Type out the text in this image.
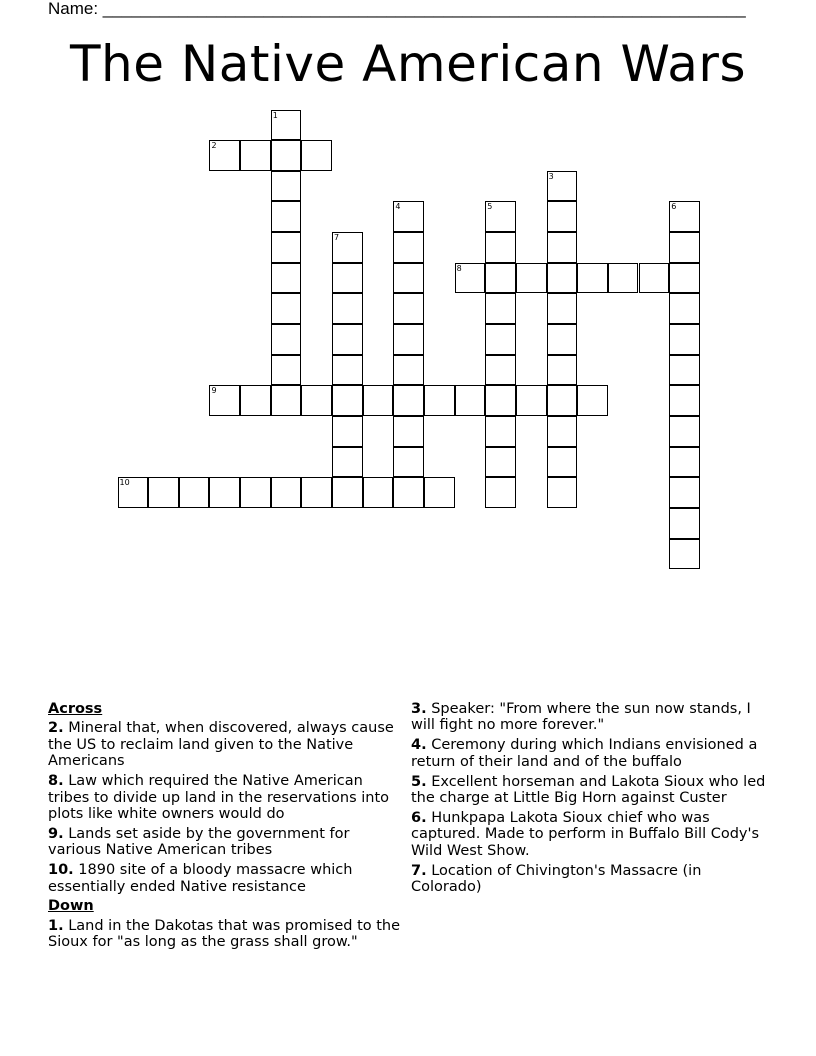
Name: ____________________________________________________________________
The Native American Wars
2
8
9
10
1
3
4	5	6
7
Across
2. Mineral that, when discovered, always cause the US to reclaim land given to the Native Americans
8. Law which required the Native American tribes to divide up land in the reservations into plots like white owners would do
9. Lands set aside by the government for various Native American tribes
10. 1890 site of a bloody massacre which essentially ended Native resistance
Down
1. Land in the Dakotas that was promised to the Sioux for "as long as the grass shall grow."
3. Speaker: "From where the sun now stands, I will fight no more forever."
4. Ceremony during which Indians envisioned a return of their land and of the buffalo
5. Excellent horseman and Lakota Sioux who led the charge at Little Big Horn against Custer
6. Hunkpapa Lakota Sioux chief who was captured. Made to perform in Buffalo Bill Cody's Wild West Show.
7. Location of Chivington's Massacre (in Colorado)
